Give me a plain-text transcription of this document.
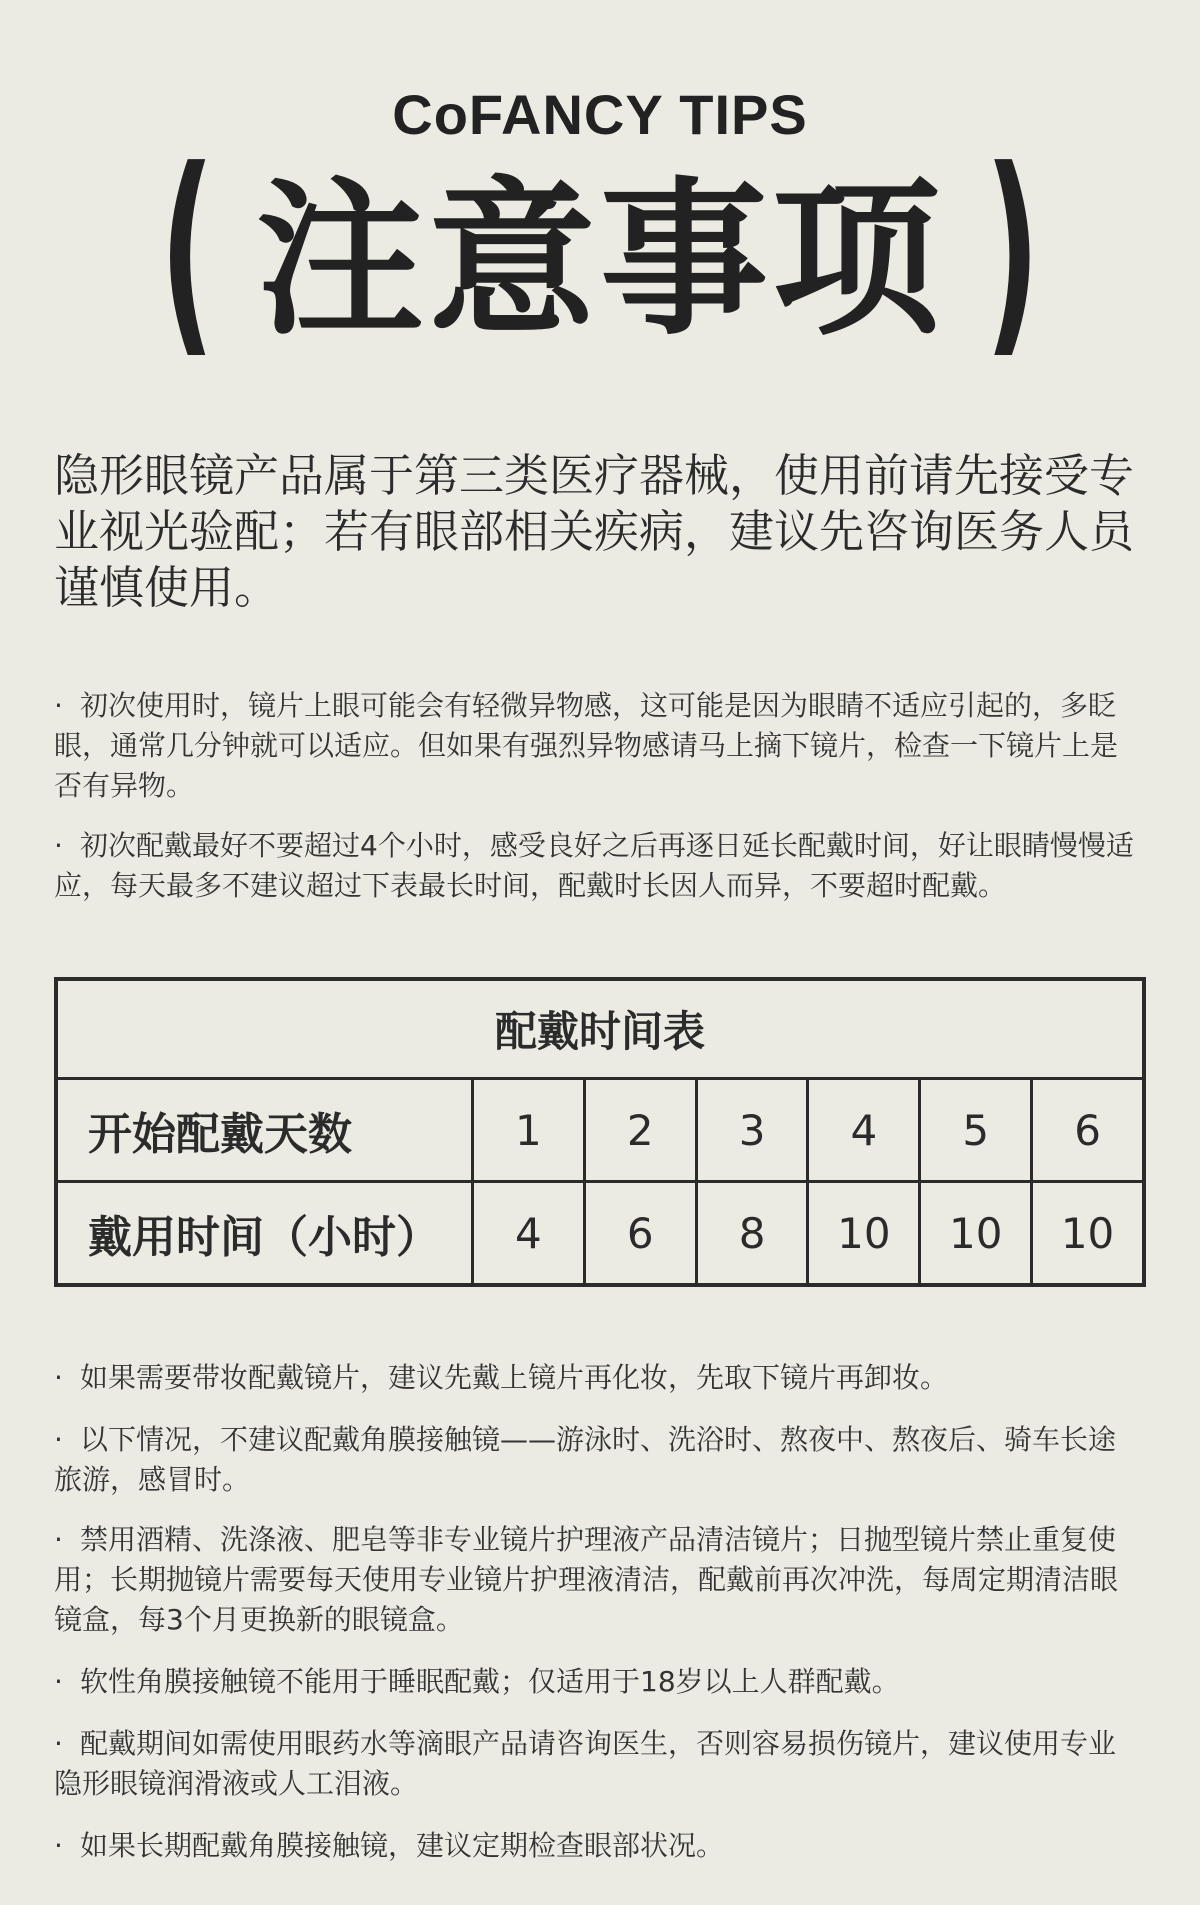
CoFANCY TIPS
( 注意事项 )

隐形眼镜产品属于第三类医疗器械，使用前请先接受专业视光验配；若有眼部相关疾病，建议先咨询医务人员谨慎使用。

· 初次使用时，镜片上眼可能会有轻微异物感，这可能是因为眼睛不适应引起的，多眨眼，通常几分钟就可以适应。但如果有强烈异物感请马上摘下镜片，检查一下镜片上是否有异物。

· 初次配戴最好不要超过4个小时，感受良好之后再逐日延长配戴时间，好让眼睛慢慢适应，每天最多不建议超过下表最长时间，配戴时长因人而异，不要超时配戴。

配戴时间表
开始配戴天数	1	2	3	4	5	6
戴用时间（小时）	4	6	8	10	10	10

· 如果需要带妆配戴镜片，建议先戴上镜片再化妆，先取下镜片再卸妆。

· 以下情况，不建议配戴角膜接触镜——游泳时、洗浴时、熬夜中、熬夜后、骑车长途旅游，感冒时。

· 禁用酒精、洗涤液、肥皂等非专业镜片护理液产品清洁镜片；日抛型镜片禁止重复使用；长期抛镜片需要每天使用专业镜片护理液清洁，配戴前再次冲洗，每周定期清洁眼镜盒，每3个月更换新的眼镜盒。

· 软性角膜接触镜不能用于睡眠配戴；仅适用于18岁以上人群配戴。

· 配戴期间如需使用眼药水等滴眼产品请咨询医生，否则容易损伤镜片，建议使用专业隐形眼镜润滑液或人工泪液。

· 如果长期配戴角膜接触镜，建议定期检查眼部状况。
